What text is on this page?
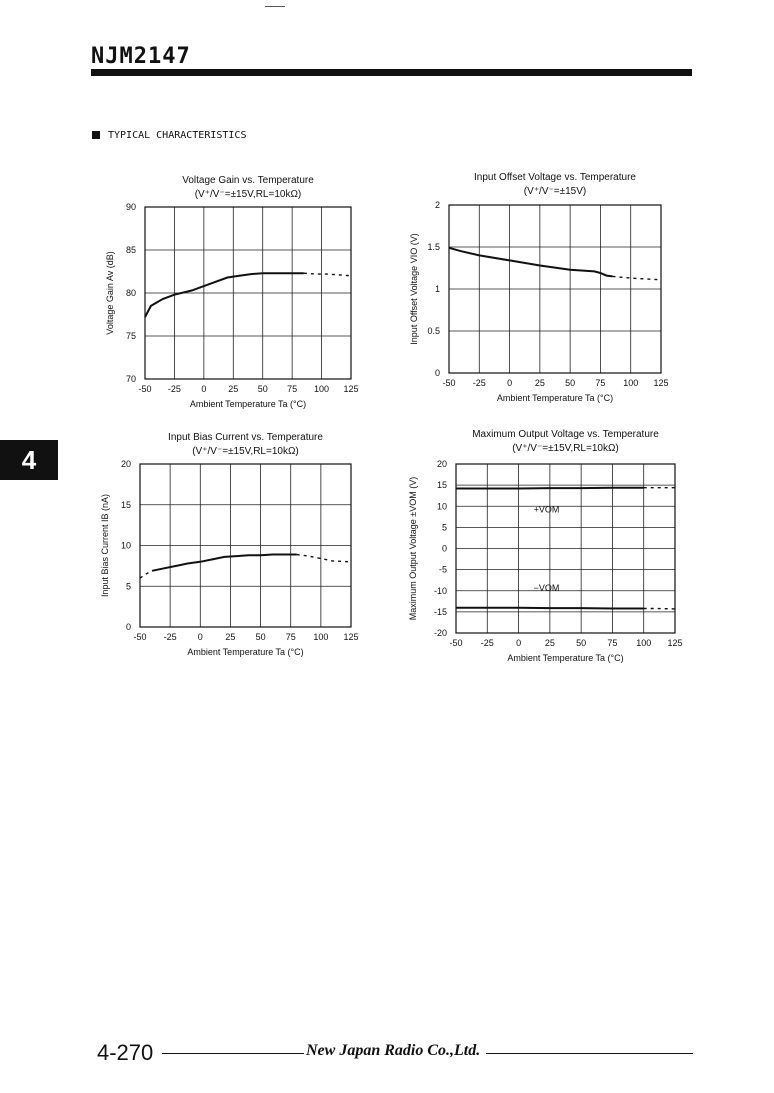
NJM2147
TYPICAL CHARACTERISTICS
4
Voltage Gain vs. Temperature
(V⁺/V⁻=±15V,RL=10kΩ)
-50 -25 0 25 50 75 100 125
70
75
80
85
90
Ambient Temperature Ta (°C)
Voltage Gain Av (dB)
Input Offset Voltage vs. Temperature
(V⁺/V⁻=±15V)
-50 -25 0	25 50 75 100 125
0
0.5
1
1.5
2
Ambient Temperature Ta (°C)
Input Offset Voltage VIO (V)
Input Bias Current vs. Temperature
(V⁺/V⁻=±15V,RL=10kΩ)
-50 -25 0	25 50 75 100 125
0
5
10
15
20
Ambient Temperature Ta (°C)
Input Bias Current IB (nA)
Maximum Output Voltage vs. Temperature
(V⁺/V⁻=±15V,RL=10kΩ)
-50 -25 0	25 50 75 100 125
-20
-15
-10
-5
0
5
10
15
20
Ambient Temperature Ta (°C)
Maximum Output Voltage ±VOM (V)	+VOM
−VOM
4-270	New Japan Radio Co.,Ltd.
